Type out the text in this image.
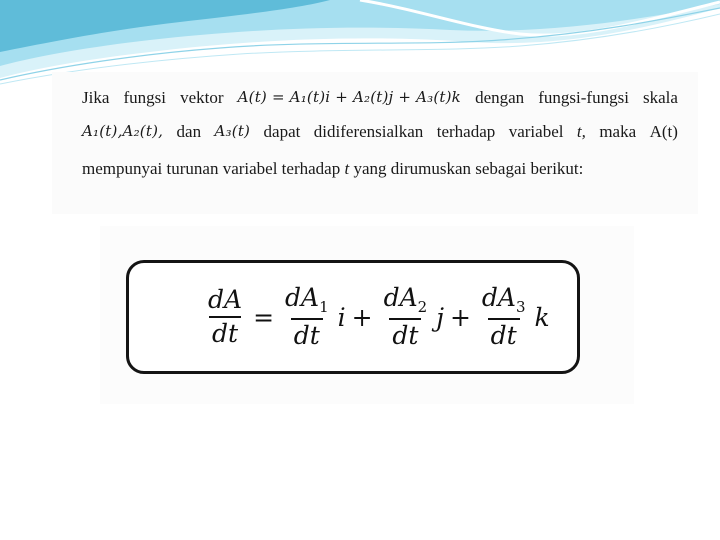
Jika fungsi vektor A(t) = A₁(t)i + A₂(t)j + A₃(t)k dengan fungsi-fungsi skala
A₁(t),A₂(t), dan A₃(t) dapat didiferensialkan terhadap variabel t, maka A(t)
mempunyai turunan variabel terhadap t yang dirumuskan sebagai berikut:
$\frac{dA}{dt} = \frac{dA_1}{dt}$ $i + \frac{dA_2}{dt}$ $j + \frac{dA_3}{dt}$ k
